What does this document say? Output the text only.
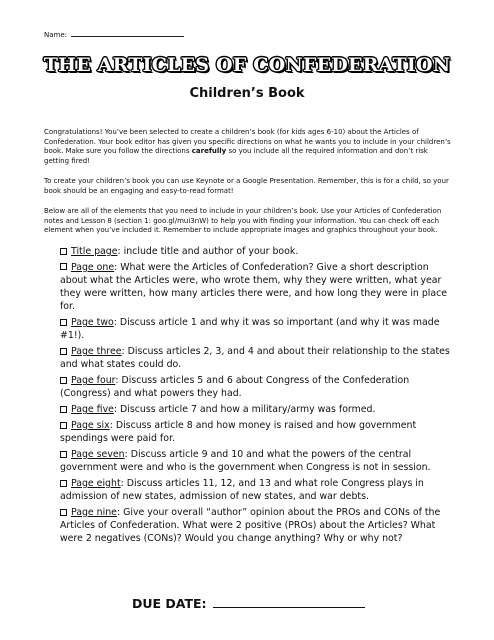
Name:
THE ARTICLES OF CONFEDERATION
Children’s Book

Congratulations! You’ve been selected to create a children’s book (for kids ages 6-10) about the Articles of Confederation. Your book editor has given you specific directions on what he wants you to include in your children’s book. Make sure you follow the directions carefully so you include all the required information and don’t risk getting fired!

To create your children’s book you can use Keynote or a Google Presentation. Remember, this is for a child, so your book should be an engaging and easy-to-read format!

Below are all of the elements that you need to include in your children’s book. Use your Articles of Confederation notes and Lesson 8 (section 1: goo.gl/mui3nW) to help you with finding your information. You can check off each element when you’ve included it. Remember to include appropriate images and graphics throughout your book.

Title page: include title and author of your book.
Page one: What were the Articles of Confederation? Give a short description about what the Articles were, who wrote them, why they were written, what year they were written, how many articles there were, and how long they were in place for.
Page two: Discuss article 1 and why it was so important (and why it was made #1!).
Page three: Discuss articles 2, 3, and 4 and about their relationship to the states and what states could do.
Page four: Discuss articles 5 and 6 about Congress of the Confederation (Congress) and what powers they had.
Page five: Discuss article 7 and how a military/army was formed.
Page six: Discuss article 8 and how money is raised and how government spendings were paid for.
Page seven: Discuss article 9 and 10 and what the powers of the central government were and who is the government when Congress is not in session.
Page eight: Discuss articles 11, 12, and 13 and what role Congress plays in admission of new states, admission of new states, and war debts.
Page nine: Give your overall “author” opinion about the PROs and CONs of the Articles of Confederation. What were 2 positive (PROs) about the Articles? What were 2 negatives (CONs)? Would you change anything? Why or why not?
DUE DATE:
